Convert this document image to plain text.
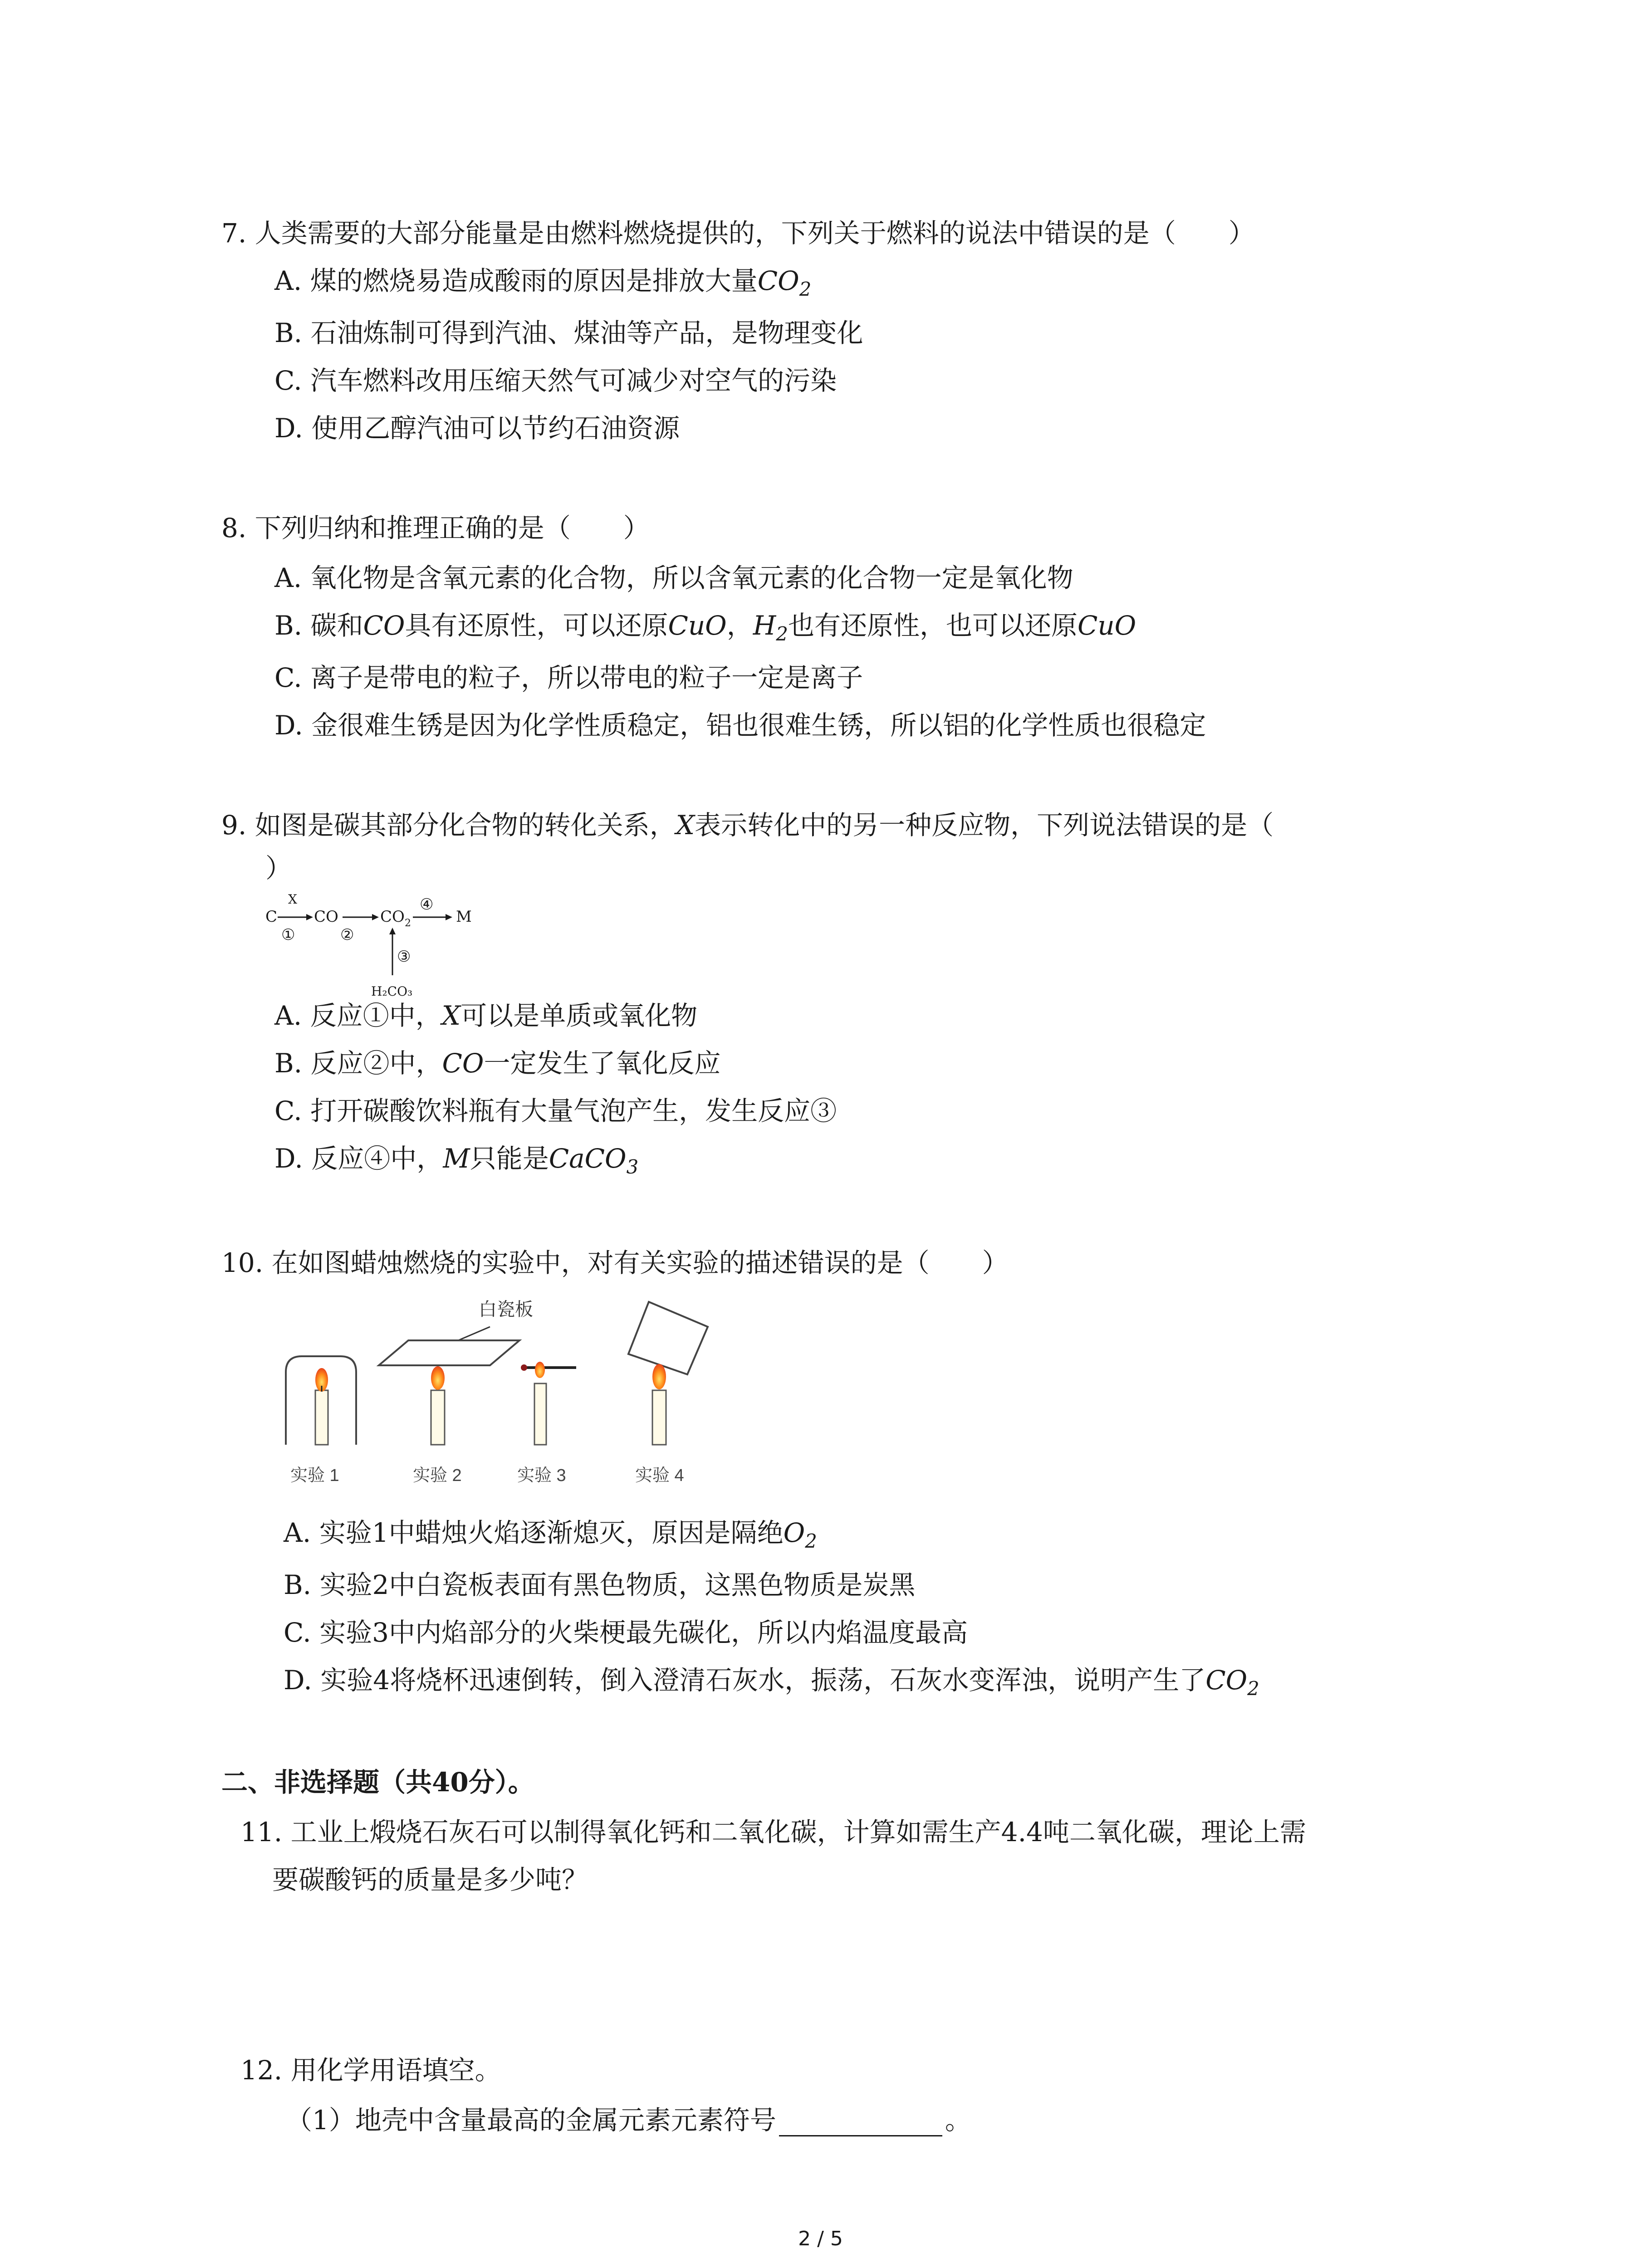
7. 人类需要的大部分能量是由燃料燃烧提供的，下列关于燃料的说法中错误的是（　　）
A. 煤的燃烧易造成酸雨的原因是排放大量$CO_2$
B. 石油炼制可得到汽油、煤油等产品，是物理变化
C. 汽车燃料改用压缩天然气可减少对空气的污染
D. 使用乙醇汽油可以节约石油资源
8. 下列归纳和推理正确的是（　　）
A. 氧化物是含氧元素的化合物，所以含氧元素的化合物一定是氧化物
B. 碳和CO具有还原性，可以还原CuO，$H_2$也有还原性，也可以还原CuO
C. 离子是带电的粒子，所以带电的粒子一定是离子
D. 金很难生锈是因为化学性质稳定，铝也很难生锈，所以铝的化学性质也很稳定
9. 如图是碳其部分化合物的转化关系，X表示转化中的另一种反应物，下列说法错误的是（
）
C
X
①
CO
②
CO 2
④
M
③
H₂CO₃
A. 反应①中，X可以是单质或氧化物
B. 反应②中，CO一定发生了氧化反应
C. 打开碳酸饮料瓶有大量气泡产生，发生反应③
D. 反应④中，M只能是CaCO$_3$
10. 在如图蜡烛燃烧的实验中，对有关实验的描述错误的是（　　）
白瓷板
实验 1	实验 2	实验 3	实验 4
A. 实验1中蜡烛火焰逐渐熄灭，原因是隔绝$O_2$
B. 实验2中白瓷板表面有黑色物质，这黑色物质是炭黑
C. 实验3中内焰部分的火柴梗最先碳化，所以内焰温度最高
D. 实验4将烧杯迅速倒转，倒入澄清石灰水，振荡，石灰水变浑浊，说明产生了$CO_2$
二、非选择题（共40分）。
11. 工业上煅烧石灰石可以制得氧化钙和二氧化碳，计算如需生产4.4吨二氧化碳，理论上需
要碳酸钙的质量是多少吨？
12. 用化学用语填空。
（1）地壳中含量最高的金属元素元素符号	。
2 / 5
